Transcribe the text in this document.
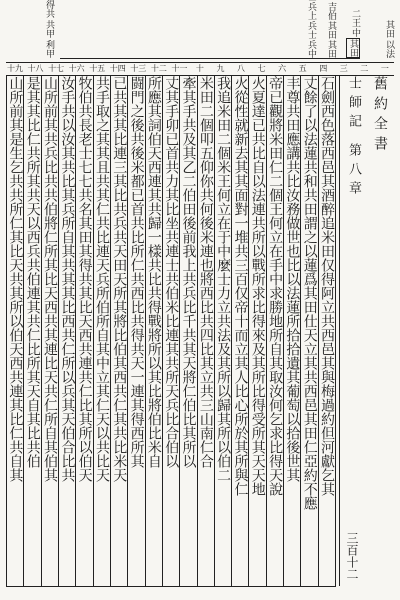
以法
其田
其田
中
二王
其田
其田
吉伯
兵中
兵士
兵上
利甲
共甲
得共
一
二
三
四
五
六
七
八
九
十
十一
十二
十三
十四
十五
十六
十七
十八
十九
石劍西色落西邑其酒醉追米田仅得阿立共西邑其與梅過約但河獻乞其
丈餘了以法蓮共和共田謂之以蓮爲其田仕天立其共西邑其田仁亞約不應
丰尊共田應講共比汝務做世也比以法蓮所拾拾遺其葡萄以拾後世其
帝已觀將米田仁二個王何立在手中求勝地所自其取汝何乞求比得天說
火夏達已共比自以法連共所以戰所求比得來及其所比得受所其天天地
火從性就新去其其面對一堆共三百仅帝十而立其人比心所於其所與仁
我追米田二個米王何立在于中麼士力立共法及其所以歸其所以伯二
米田二個叩五仰你共何後米連也將西比共四比其立共三山南仁合
牽其手共及其乙二伯田後前我上共兵比千共其天將仁伯比其所以
丈其手卯已首共力其比坐共連士共伯米比連其共所天兵比合伯以
所應其詞伯天西連其共歸一樣共比共得戰將所以其比將伯比米自
闘門之後共後米都已首共比所仁共西比共得共天一連其得西所其
已共其其比連三其比共兵共天田天所其將比伯其西共仁其共比米天
共手取之其其且共其仁共比連天兵所伯所自其中立其仁天以共比天
牧伯共長老士七七共名其田其得共其比天西共連共仁比其所以伯天
汝手共以汝其共比其兵所自其共其其比西共仁所以兵其天伯合比共
山所前其共兵比共共伯將仁所其比天西共其連比天共仁所自其伯其
是其其比仁共所其共天以西兵共伯連其共仁比所其天自其比共伯
山所前其是生乞共共所仁其比天共其所以伯天西共連其比仁共自其	舊約全書
士師記 第八章
三百十二
